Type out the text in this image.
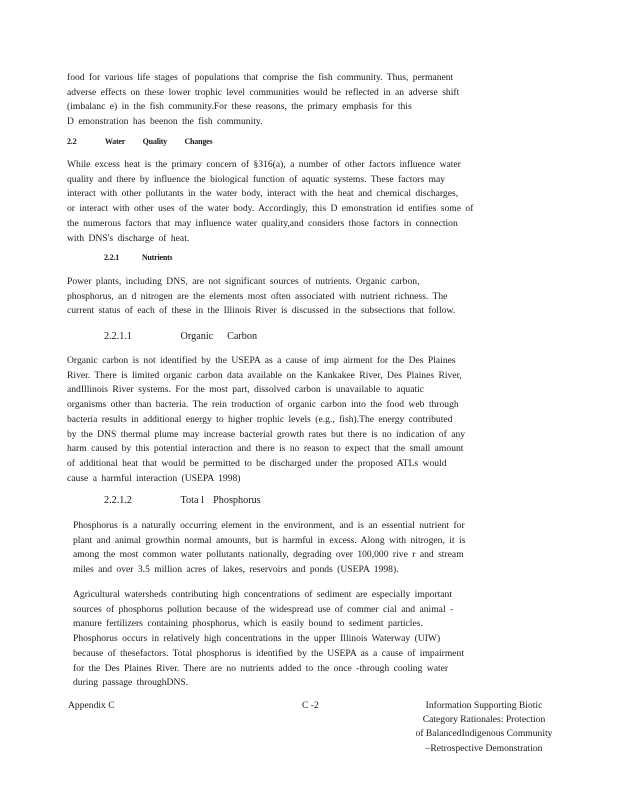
food for various life stages of populations that comprise the fish community. Thus, permanent
adverse effects on these lower trophic level communities would be reflected in an adverse shift
(imbalanc e) in the fish community.For these reasons, the primary emphasis for this
D emonstration has beenon the fish community.
2.2	Water Quality Changes
While excess heat is the primary concern of §316(a), a number of other factors influence water
quality and there by influence the biological function of aquatic systems. These factors may
interact with other pollutants in the water body, interact with the heat and chemical discharges,
or interact with other uses of the water body. Accordingly, this D emonstration id entifies some of
the numerous factors that may influence water quality,and considers those factors in connection
with DNS's discharge of heat.
2.2.1	Nutrients
Power plants, including DNS, are not significant sources of nutrients. Organic carbon,
phosphorus, an d nitrogen are the elements most often associated with nutrient richness. The
current status of each of these in the Illinois River is discussed in the subsections that follow.
2.2.1.1	Organic Carbon
Organic carbon is not identified by the USEPA as a cause of imp airment for the Des Plaines
River. There is limited organic carbon data available on the Kankakee River, Des Plaines River,
andIllinois River systems. For the most part, dissolved carbon is unavailable to aquatic
organisms other than bacteria. The rein troduction of organic carbon into the food web through
bacteria results in additional energy to higher trophic levels (e.g., fish).The energy contributed
by the DNS thermal plume may increase bacterial growth rates but there is no indication of any
harm caused by this potential interaction and there is no reason to expect that the small amount
of additional heat that would be permitted to be discharged under the proposed ATLs would
cause a harmful interaction (USEPA 1998)
2.2.1.2	Tota l Phosphorus
Phosphorus is a naturally occurring element in the environment, and is an essential nutrient for
plant and animal growthin normal amounts, but is harmful in excess. Along with nitrogen, it is
among the most common water pollutants nationally, degrading over 100,000 rive r and stream
miles and over 3.5 million acres of lakes, reservoirs and ponds (USEPA 1998).
Agricultural watersheds contributing high concentrations of sediment are especially important
sources of phosphorus pollution because of the widespread use of commer cial and animal -
manure fertilizers containing phosphorus, which is easily bound to sediment particles.
Phosphorus occurs in relatively high concentrations in the upper Illinois Waterway (UIW)
because of thesefactors. Total phosphorus is identified by the USEPA as a cause of impairment
for the Des Plaines River. There are no nutrients added to the once -through cooling water
during passage throughDNS.
Appendix C	C -2	Information Supporting Biotic
Category Rationales: Protection
of BalancedIndigenous Community
–Retrospective Demonstration
